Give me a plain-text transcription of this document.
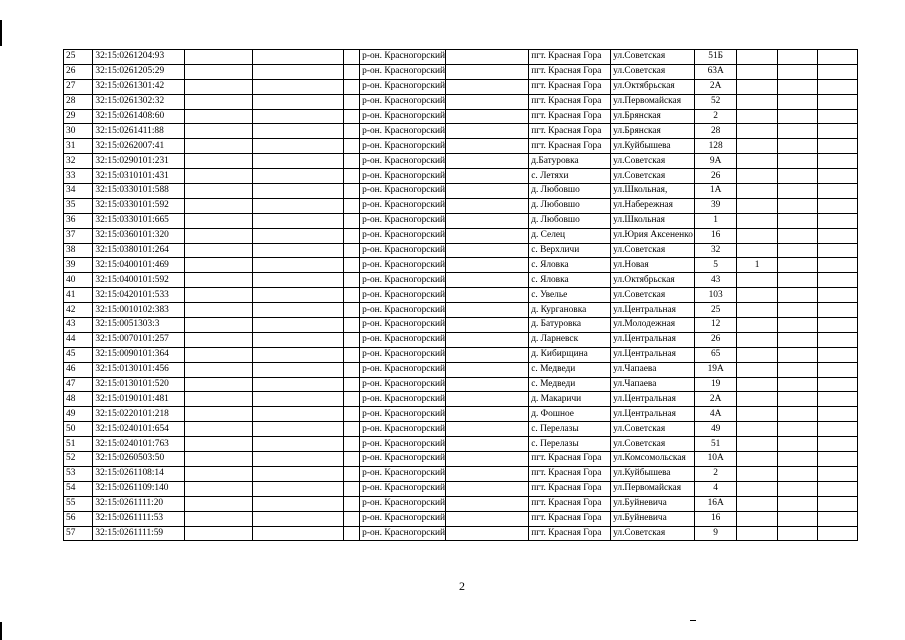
25	32:15:0261204:93				р-он. Красногорский		пгт. Красная Гора	ул.Советская	51Б			
26	32:15:0261205:29				р-он. Красногорский		пгт. Красная Гора	ул.Советская	63А			
27	32:15:0261301:42				р-он. Красногорский		пгт. Красная Гора	ул.Октябрьская	2А			
28	32:15:0261302:32				р-он. Красногорский		пгт. Красная Гора	ул.Первомайская	52			
29	32:15:0261408:60				р-он. Красногорский		пгт. Красная Гора	ул.Брянская	2			
30	32:15:0261411:88				р-он. Красногорский		пгт. Красная Гора	ул.Брянская	28			
31	32:15:0262007:41				р-он. Красногорский		пгт. Красная Гора	ул.Куйбышева	128			
32	32:15:0290101:231				р-он. Красногорский		д.Батуровка	ул.Советская	9А			
33	32:15:0310101:431				р-он. Красногорский		с. Летяхи	ул.Советская	26			
34	32:15:0330101:588				р-он. Красногорский		д. Любовшо	ул.Школьная,	1А			
35	32:15:0330101:592				р-он. Красногорский		д. Любовшо	ул.Набережная	39			
36	32:15:0330101:665				р-он. Красногорский		д. Любовшо	ул.Школьная	1			
37	32:15:0360101:320				р-он. Красногорский		д. Селец	ул.Юрия Аксененко	16			
38	32:15:0380101:264				р-он. Красногорский		с. Верхличи	ул.Советская	32			
39	32:15:0400101:469				р-он. Красногорский		с. Яловка	ул.Новая	5	1		
40	32:15:0400101:592				р-он. Красногорский		с. Яловка	ул.Октябрьская	43			
41	32:15:0420101:533				р-он. Красногорский		с. Увелье	ул.Советская	103			
42	32:15:0010102:383				р-он. Красногорский		д. Кургановка	ул.Центральная	25			
43	32:15:0051303:3				р-он. Красногорский		д. Батуровка	ул.Молодежная	12			
44	32:15:0070101:257				р-он. Красногорский		д. Ларневск	ул.Центральная	26			
45	32:15:0090101:364				р-он. Красногорский		д. Кибирщина	ул.Центральная	65			
46	32:15:0130101:456				р-он. Красногорский		с. Медведи	ул.Чапаева	19А			
47	32:15:0130101:520				р-он. Красногорский		с. Медведи	ул.Чапаева	19			
48	32:15:0190101:481				р-он. Красногорский		д. Макаричи	ул.Центральная	2А			
49	32:15:0220101:218				р-он. Красногорский		д. Фошное	ул.Центральная	4А			
50	32:15:0240101:654				р-он. Красногорский		с. Перелазы	ул.Советская	49			
51	32:15:0240101:763				р-он. Красногорский		с. Перелазы	ул.Советская	51			
52	32:15:0260503:50				р-он. Красногорский		пгт. Красная Гора	ул.Комсомольская	10А			
53	32:15:0261108:14				р-он. Красногорский		пгт. Красная Гора	ул.Куйбышева	2			
54	32:15:0261109:140				р-он. Красногорский		пгт. Красная Гора	ул.Первомайская	4			
55	32:15:0261111:20				р-он. Красногорский		пгт. Красная Гора	ул.Буйневича	16А			
56	32:15:0261111:53				р-он. Красногорский		пгт. Красная Гора	ул.Буйневича	16			
57	32:15:0261111:59				р-он. Красногорский		пгт. Красная Гора	ул.Советская	9			
2
